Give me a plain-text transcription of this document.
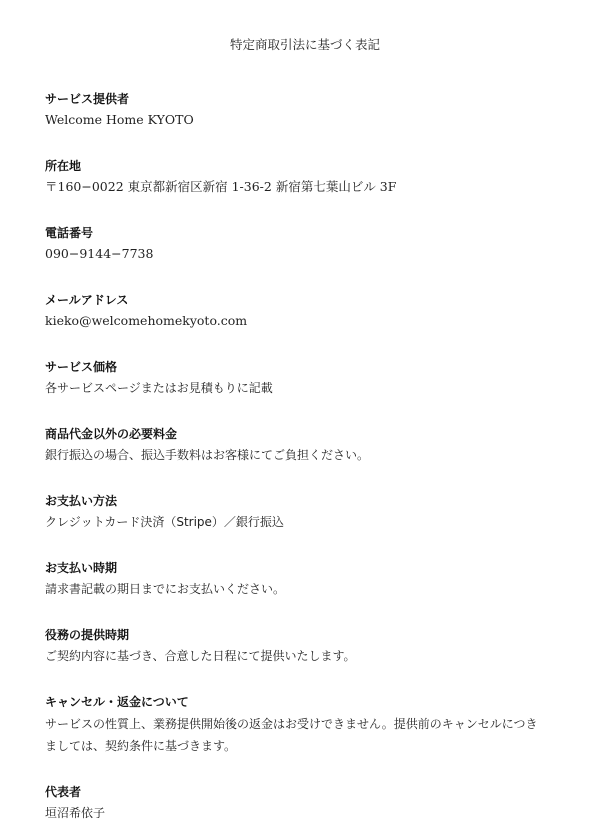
特定商取引法に基づく表記
サービス提供者
Welcome Home KYOTO
所在地
〒160−0022 東京都新宿区新宿 1-36-2 新宿第七葉山ビル 3F
電話番号
090−9144−7738
メールアドレス
kieko@welcomehomekyoto.com
サービス価格
各サービスページまたはお見積もりに記載
商品代金以外の必要料金
銀行振込の場合、振込手数料はお客様にてご負担ください。
お支払い方法
クレジットカード決済（Stripe）／銀行振込
お支払い時期
請求書記載の期日までにお支払いください。
役務の提供時期
ご契約内容に基づき、合意した日程にて提供いたします。
キャンセル・返金について
サービスの性質上、業務提供開始後の返金はお受けできません。提供前のキャンセルにつきましては、契約条件に基づきます。
代表者
垣沼希依子
